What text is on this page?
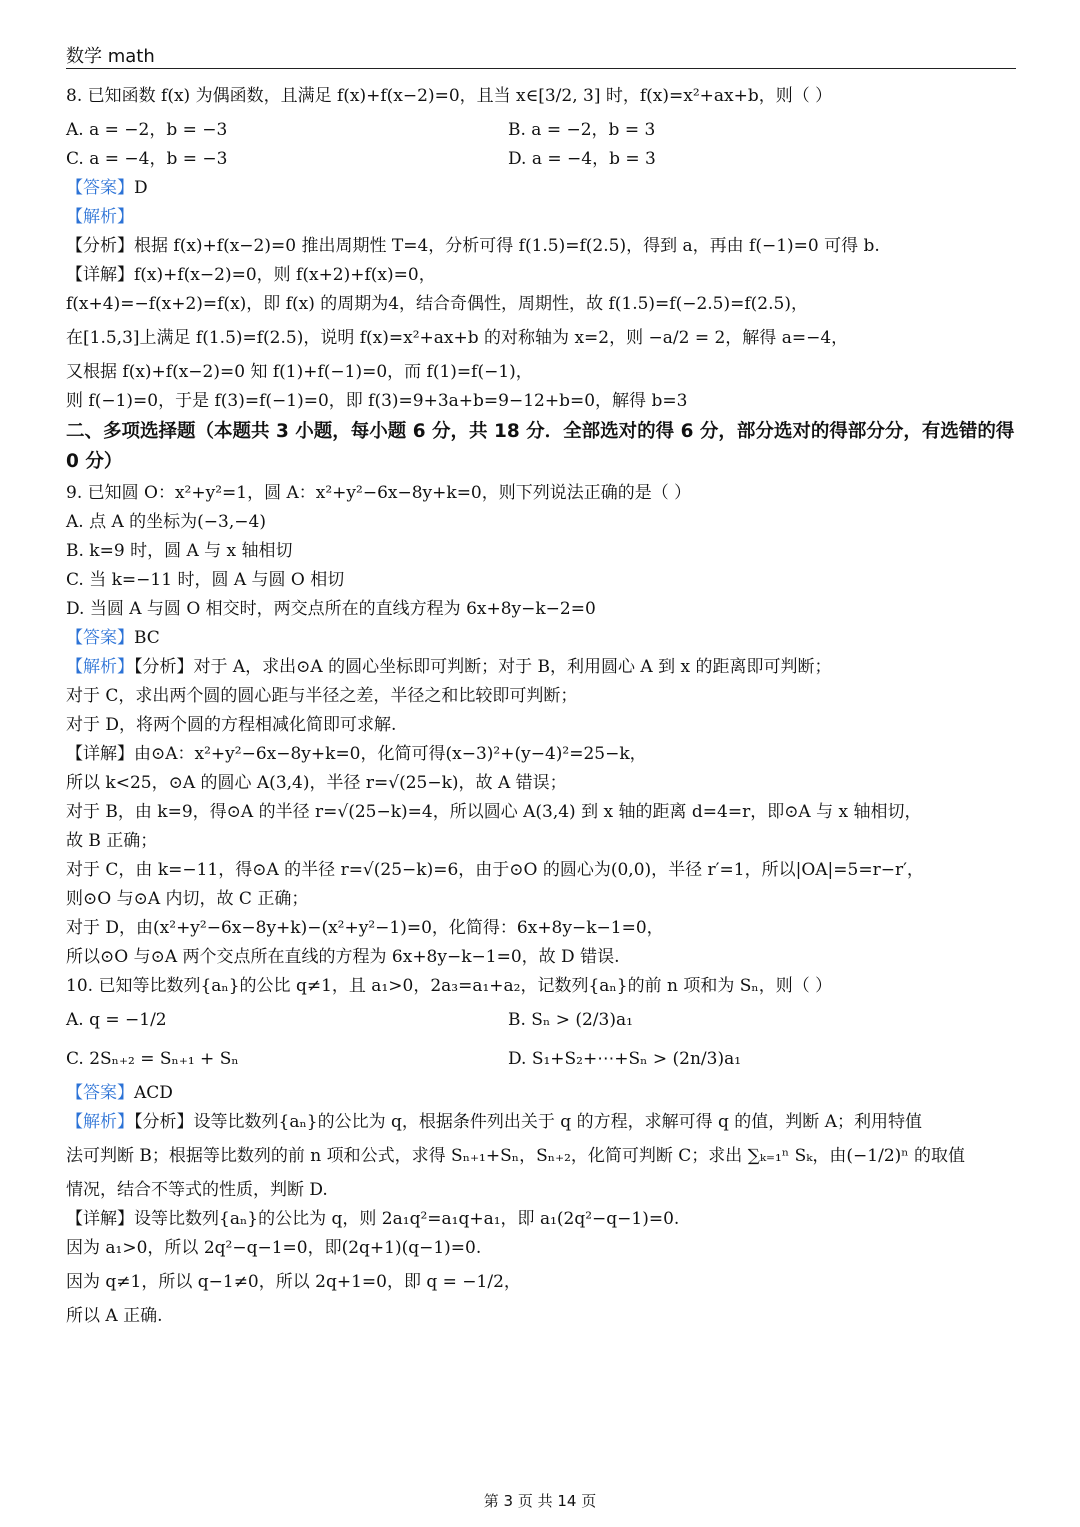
数学 math
8. 已知函数 f(x) 为偶函数，且满足 f(x)+f(x−2)=0，且当 x∈[3/2, 3] 时，f(x)=x²+ax+b，则（ ）
A. a = −2，b = −3	B. a = −2，b = 3
C. a = −4，b = −3	D. a = −4，b = 3
【答案】D
【解析】
【分析】根据 f(x)+f(x−2)=0 推出周期性 T=4，分析可得 f(1.5)=f(2.5)，得到 a，再由 f(−1)=0 可得 b.
【详解】f(x)+f(x−2)=0，则 f(x+2)+f(x)=0，
f(x+4)=−f(x+2)=f(x)，即 f(x) 的周期为4，结合奇偶性，周期性，故 f(1.5)=f(−2.5)=f(2.5)，
在[1.5,3]上满足 f(1.5)=f(2.5)，说明 f(x)=x²+ax+b 的对称轴为 x=2，则 −a/2 = 2，解得 a=−4，
又根据 f(x)+f(x−2)=0 知 f(1)+f(−1)=0，而 f(1)=f(−1)，
则 f(−1)=0，于是 f(3)=f(−1)=0，即 f(3)=9+3a+b=9−12+b=0，解得 b=3
二、多项选择题（本题共 3 小题，每小题 6 分，共 18 分．全部选对的得 6 分，部分选对的得部分分，有选错的得 0 分）
9. 已知圆 O：x²+y²=1，圆 A：x²+y²−6x−8y+k=0，则下列说法正确的是（ ）
A. 点 A 的坐标为(−3,−4)
B. k=9 时，圆 A 与 x 轴相切
C. 当 k=−11 时，圆 A 与圆 O 相切
D. 当圆 A 与圆 O 相交时，两交点所在的直线方程为 6x+8y−k−2=0
【答案】BC
【解析】【分析】对于 A，求出⊙A 的圆心坐标即可判断；对于 B，利用圆心 A 到 x 的距离即可判断；
对于 C，求出两个圆的圆心距与半径之差，半径之和比较即可判断；
对于 D，将两个圆的方程相减化简即可求解.
【详解】由⊙A：x²+y²−6x−8y+k=0，化简可得(x−3)²+(y−4)²=25−k，
所以 k<25，⊙A 的圆心 A(3,4)，半径 r=√(25−k)，故 A 错误；
对于 B，由 k=9，得⊙A 的半径 r=√(25−k)=4，所以圆心 A(3,4) 到 x 轴的距离 d=4=r，即⊙A 与 x 轴相切，
故 B 正确；
对于 C，由 k=−11，得⊙A 的半径 r=√(25−k)=6，由于⊙O 的圆心为(0,0)，半径 r′=1，所以|OA|=5=r−r′，
则⊙O 与⊙A 内切，故 C 正确；
对于 D，由(x²+y²−6x−8y+k)−(x²+y²−1)=0，化简得：6x+8y−k−1=0，
所以⊙O 与⊙A 两个交点所在直线的方程为 6x+8y−k−1=0，故 D 错误.
10. 已知等比数列{aₙ}的公比 q≠1，且 a₁>0，2a₃=a₁+a₂，记数列{aₙ}的前 n 项和为 Sₙ，则（ ）
A. q = −1/2	B. Sₙ > (2/3)a₁
C. 2Sₙ₊₂ = Sₙ₊₁ + Sₙ	D. S₁+S₂+⋯+Sₙ > (2n/3)a₁
【答案】ACD
【解析】【分析】设等比数列{aₙ}的公比为 q，根据条件列出关于 q 的方程，求解可得 q 的值，判断 A；利用特值
法可判断 B；根据等比数列的前 n 项和公式，求得 Sₙ₊₁+Sₙ，Sₙ₊₂，化简可判断 C；求出 ∑ₖ₌₁ⁿ Sₖ，由(−1/2)ⁿ 的取值
情况，结合不等式的性质，判断 D.
【详解】设等比数列{aₙ}的公比为 q，则 2a₁q²=a₁q+a₁，即 a₁(2q²−q−1)=0.
因为 a₁>0，所以 2q²−q−1=0，即(2q+1)(q−1)=0.
因为 q≠1，所以 q−1≠0，所以 2q+1=0，即 q = −1/2，
所以 A 正确.
第 3 页 共 14 页
